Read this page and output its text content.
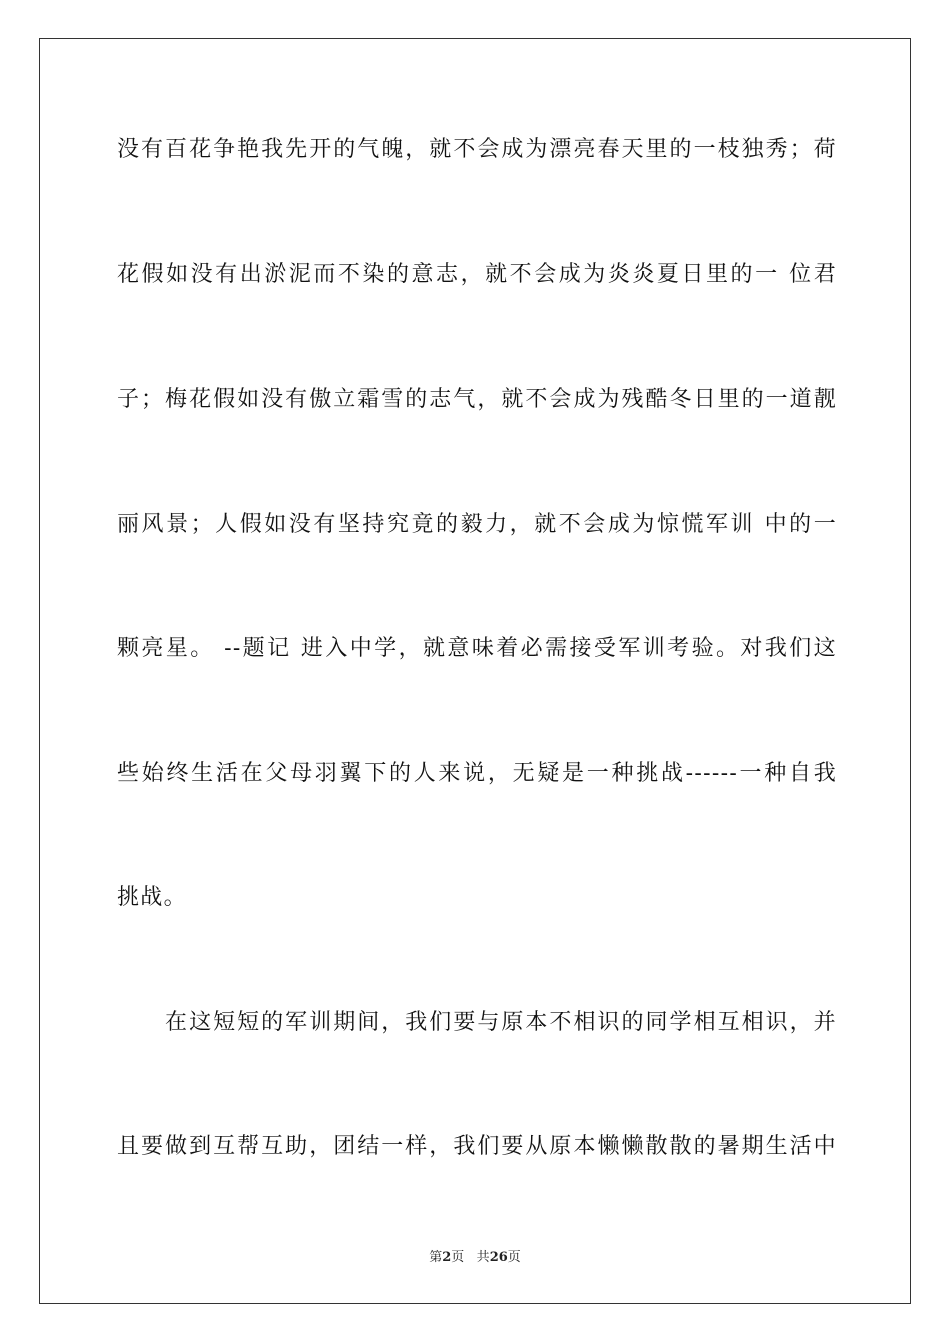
没有百花争艳我先开的气魄，就不会成为漂亮春天里的一枝独秀；荷
花假如没有出淤泥而不染的意志，就不会成为炎炎夏日里的一 位君
子；梅花假如没有傲立霜雪的志气，就不会成为残酷冬日里的一道靓
丽风景；人假如没有坚持究竟的毅力，就不会成为惊慌军训 中的一
颗亮星。 --题记 进入中学，就意味着必需接受军训考验。对我们这
些始终生活在父母羽翼下的人来说，无疑是一种挑战------一种自我
挑战。
　　在这短短的军训期间，我们要与原本不相识的同学相互相识，并
且要做到互帮互助，团结一样，我们要从原本懒懒散散的暑期生活中
第2页 共26页
